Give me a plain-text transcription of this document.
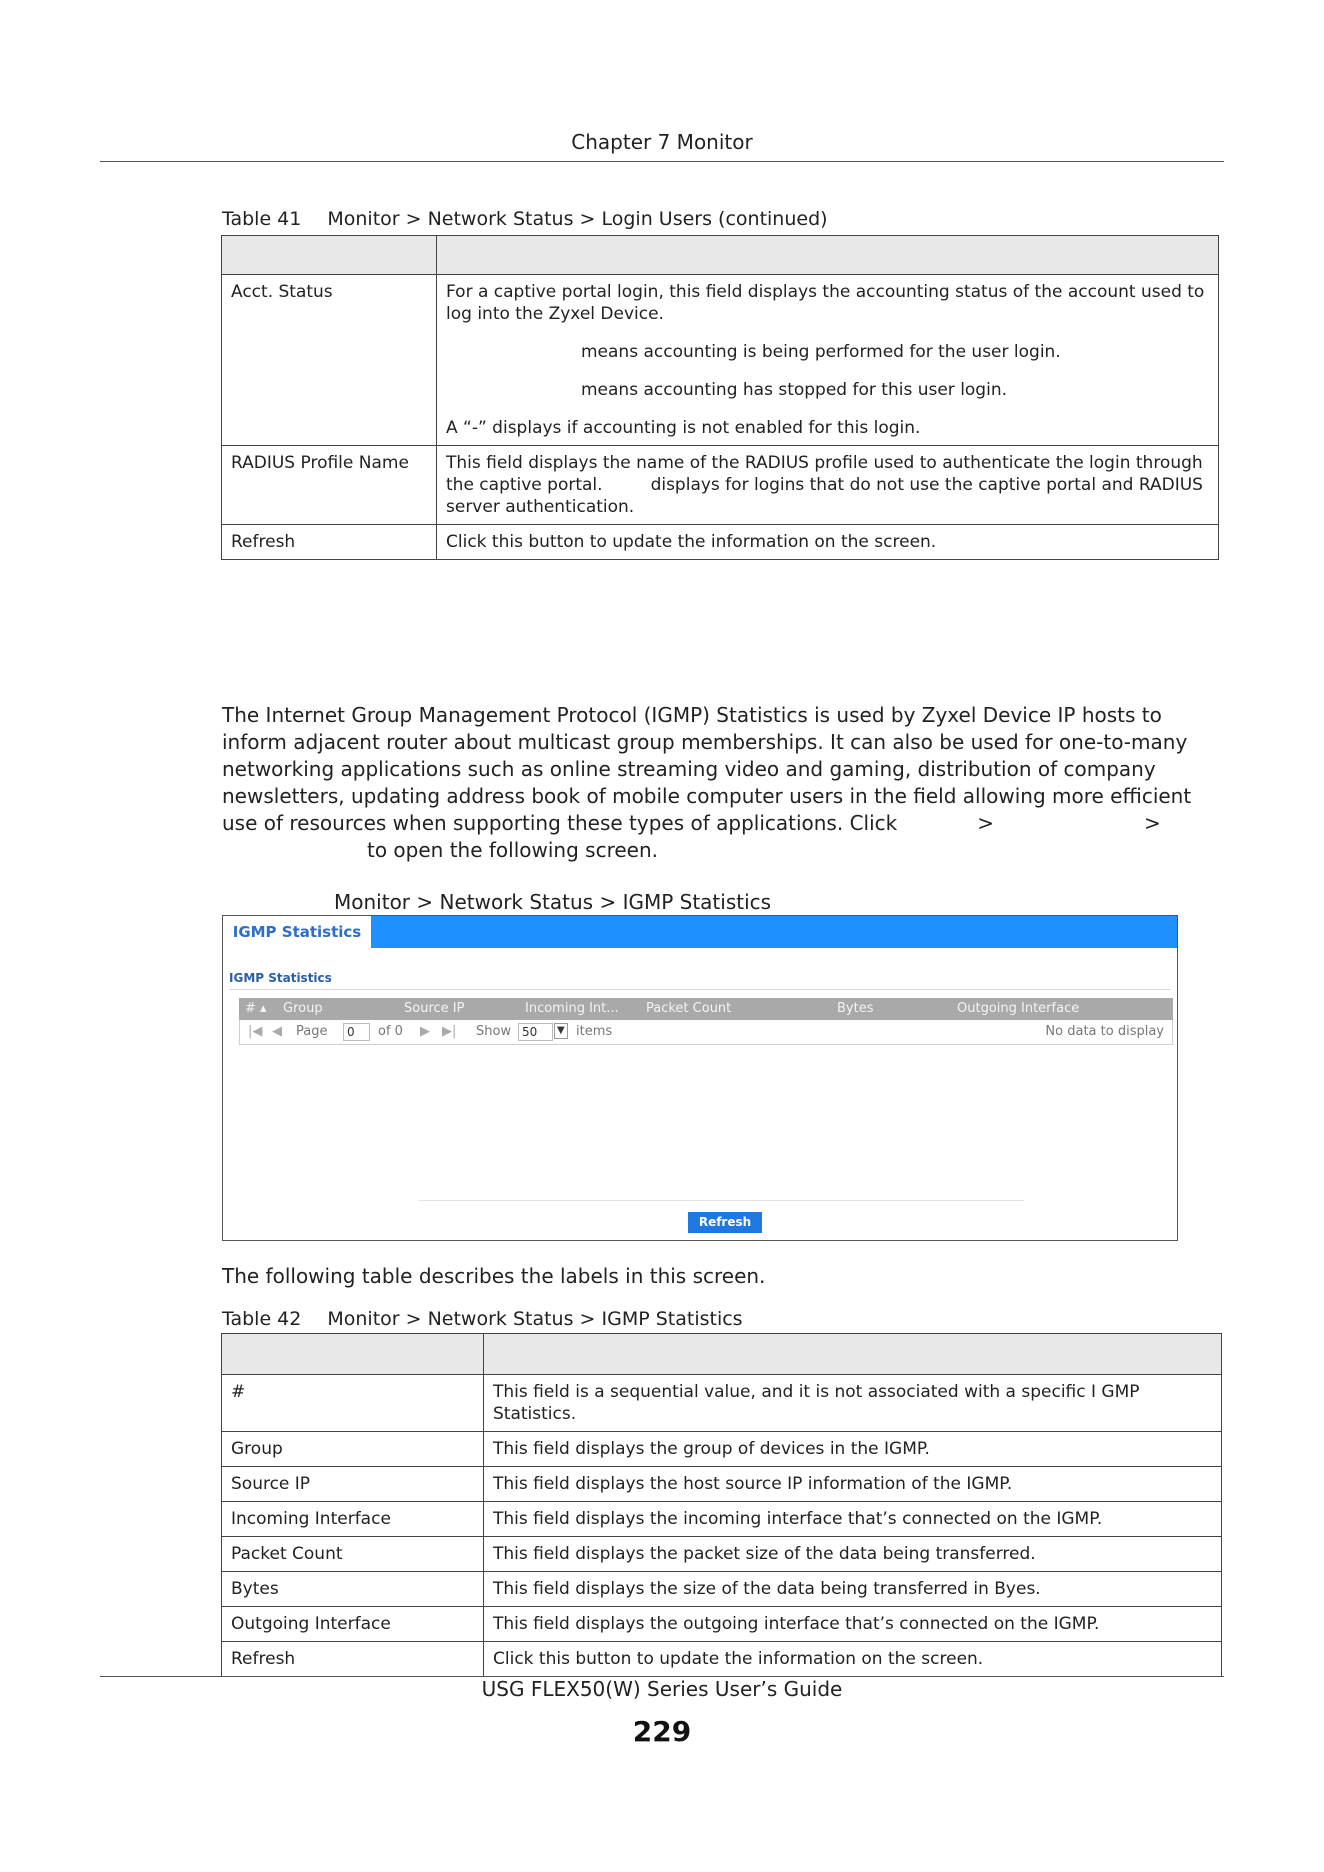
Chapter 7 Monitor
Table 41 Monitor > Network Status > Login Users (continued)

Acct. Status	For a captive portal login, this field displays the accounting status of the account used to log into the Zyxel Device.
means accounting is being performed for the user login.
means accounting has stopped for this user login.
A “-” displays if accounting is not enabled for this login.

RADIUS Profile Name	This field displays the name of the RADIUS profile used to authenticate the login through the captive portal. displays for logins that do not use the captive portal and RADIUS server authentication.
Refresh	Click this button to update the information on the screen.
The Internet Group Management Protocol (IGMP) Statistics is used by Zyxel Device IP hosts to inform adjacent router about multicast group memberships. It can also be used for one-to-many networking applications such as online streaming video and gaming, distribution of company newsletters, updating address book of mobile computer users in the field allowing more efficient use of resources when supporting these types of applications. Click	>	>to open the following screen.
Monitor > Network Status > IGMP Statistics
IGMP Statistics
IGMP Statistics
# ▴ Group	Source IP	Incoming Int... Packet Count	Bytes	Outgoing Interface
|◀ ◀ Page	0	of 0 ▶ ▶| Show 50	▼ items	No data to display
Refresh
The following table describes the labels in this screen.
Table 42 Monitor > Network Status > IGMP Statistics

#	This field is a sequential value, and it is not associated with a specific I GMP Statistics.
Group	This field displays the group of devices in the IGMP.
Source IP	This field displays the host source IP information of the IGMP.
Incoming Interface	This field displays the incoming interface that’s connected on the IGMP.
Packet Count	This field displays the packet size of the data being transferred.
Bytes	This field displays the size of the data being transferred in Byes.
Outgoing Interface	This field displays the outgoing interface that’s connected on the IGMP.
Refresh	Click this button to update the information on the screen.
USG FLEX50(W) Series User’s Guide
229
